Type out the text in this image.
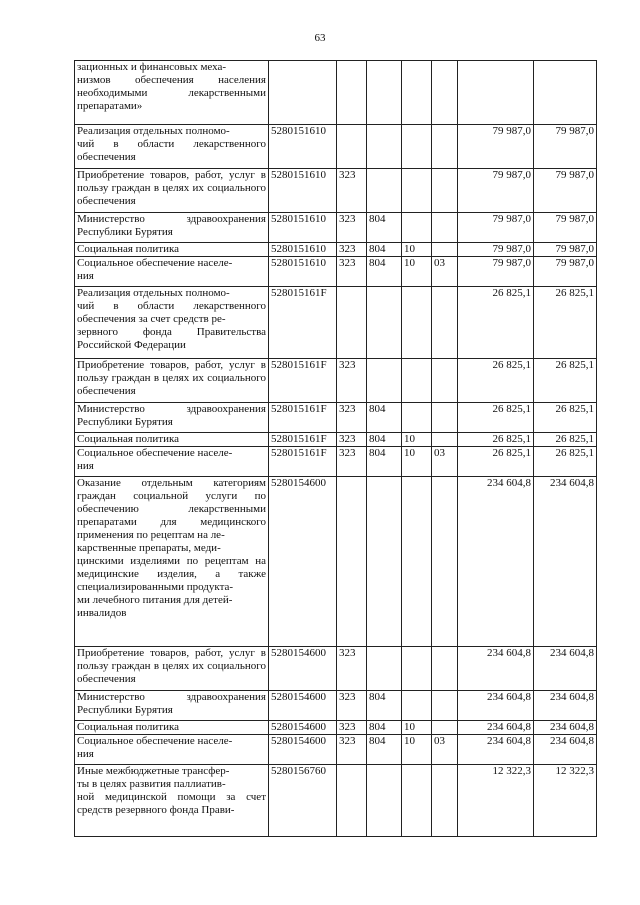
63
зационных и финансовых меха-
низмов обеспечения населения необходимыми лекарственными препаратами»							
Реализация отдельных полномо-
чий в области лекарственного обеспечения	5280151610					79 987,0	79 987,0
Приобретение товаров, работ, услуг в пользу граждан в целях их социального обеспечения	5280151610	323				79 987,0	79 987,0
Министерство здравоохранения Республики Бурятия	5280151610	323	804			79 987,0	79 987,0
Социальная политика	5280151610	323	804	10		79 987,0	79 987,0
Социальное обеспечение населе-
ния	5280151610	323	804	10	03	79 987,0	79 987,0
Реализация отдельных полномо-
чий в области лекарственного обеспечения за счет средств ре-
зервного фонда Правительства Российской Федерации	528015161F					26 825,1	26 825,1
Приобретение товаров, работ, услуг в пользу граждан в целях их социального обеспечения	528015161F	323				26 825,1	26 825,1
Министерство здравоохранения Республики Бурятия	528015161F	323	804			26 825,1	26 825,1
Социальная политика	528015161F	323	804	10		26 825,1	26 825,1
Социальное обеспечение населе-
ния	528015161F	323	804	10	03	26 825,1	26 825,1
Оказание отдельным категориям граждан социальной услуги по обеспечению лекарственными препаратами для медицинского применения по рецептам на ле-
карственные препараты, меди-
цинскими изделиями по рецептам на медицинские изделия, а также специализированными продукта-
ми лечебного питания для детей-
инвалидов	5280154600					234 604,8	234 604,8
Приобретение товаров, работ, услуг в пользу граждан в целях их социального обеспечения	5280154600	323				234 604,8	234 604,8
Министерство здравоохранения Республики Бурятия	5280154600	323	804			234 604,8	234 604,8
Социальная политика	5280154600	323	804	10		234 604,8	234 604,8
Социальное обеспечение населе-
ния	5280154600	323	804	10	03	234 604,8	234 604,8
Иные межбюджетные трансфер-
ты в целях развития паллиатив-
ной медицинской помощи за счет средств резервного фонда Прави-	5280156760					12 322,3	12 322,3
